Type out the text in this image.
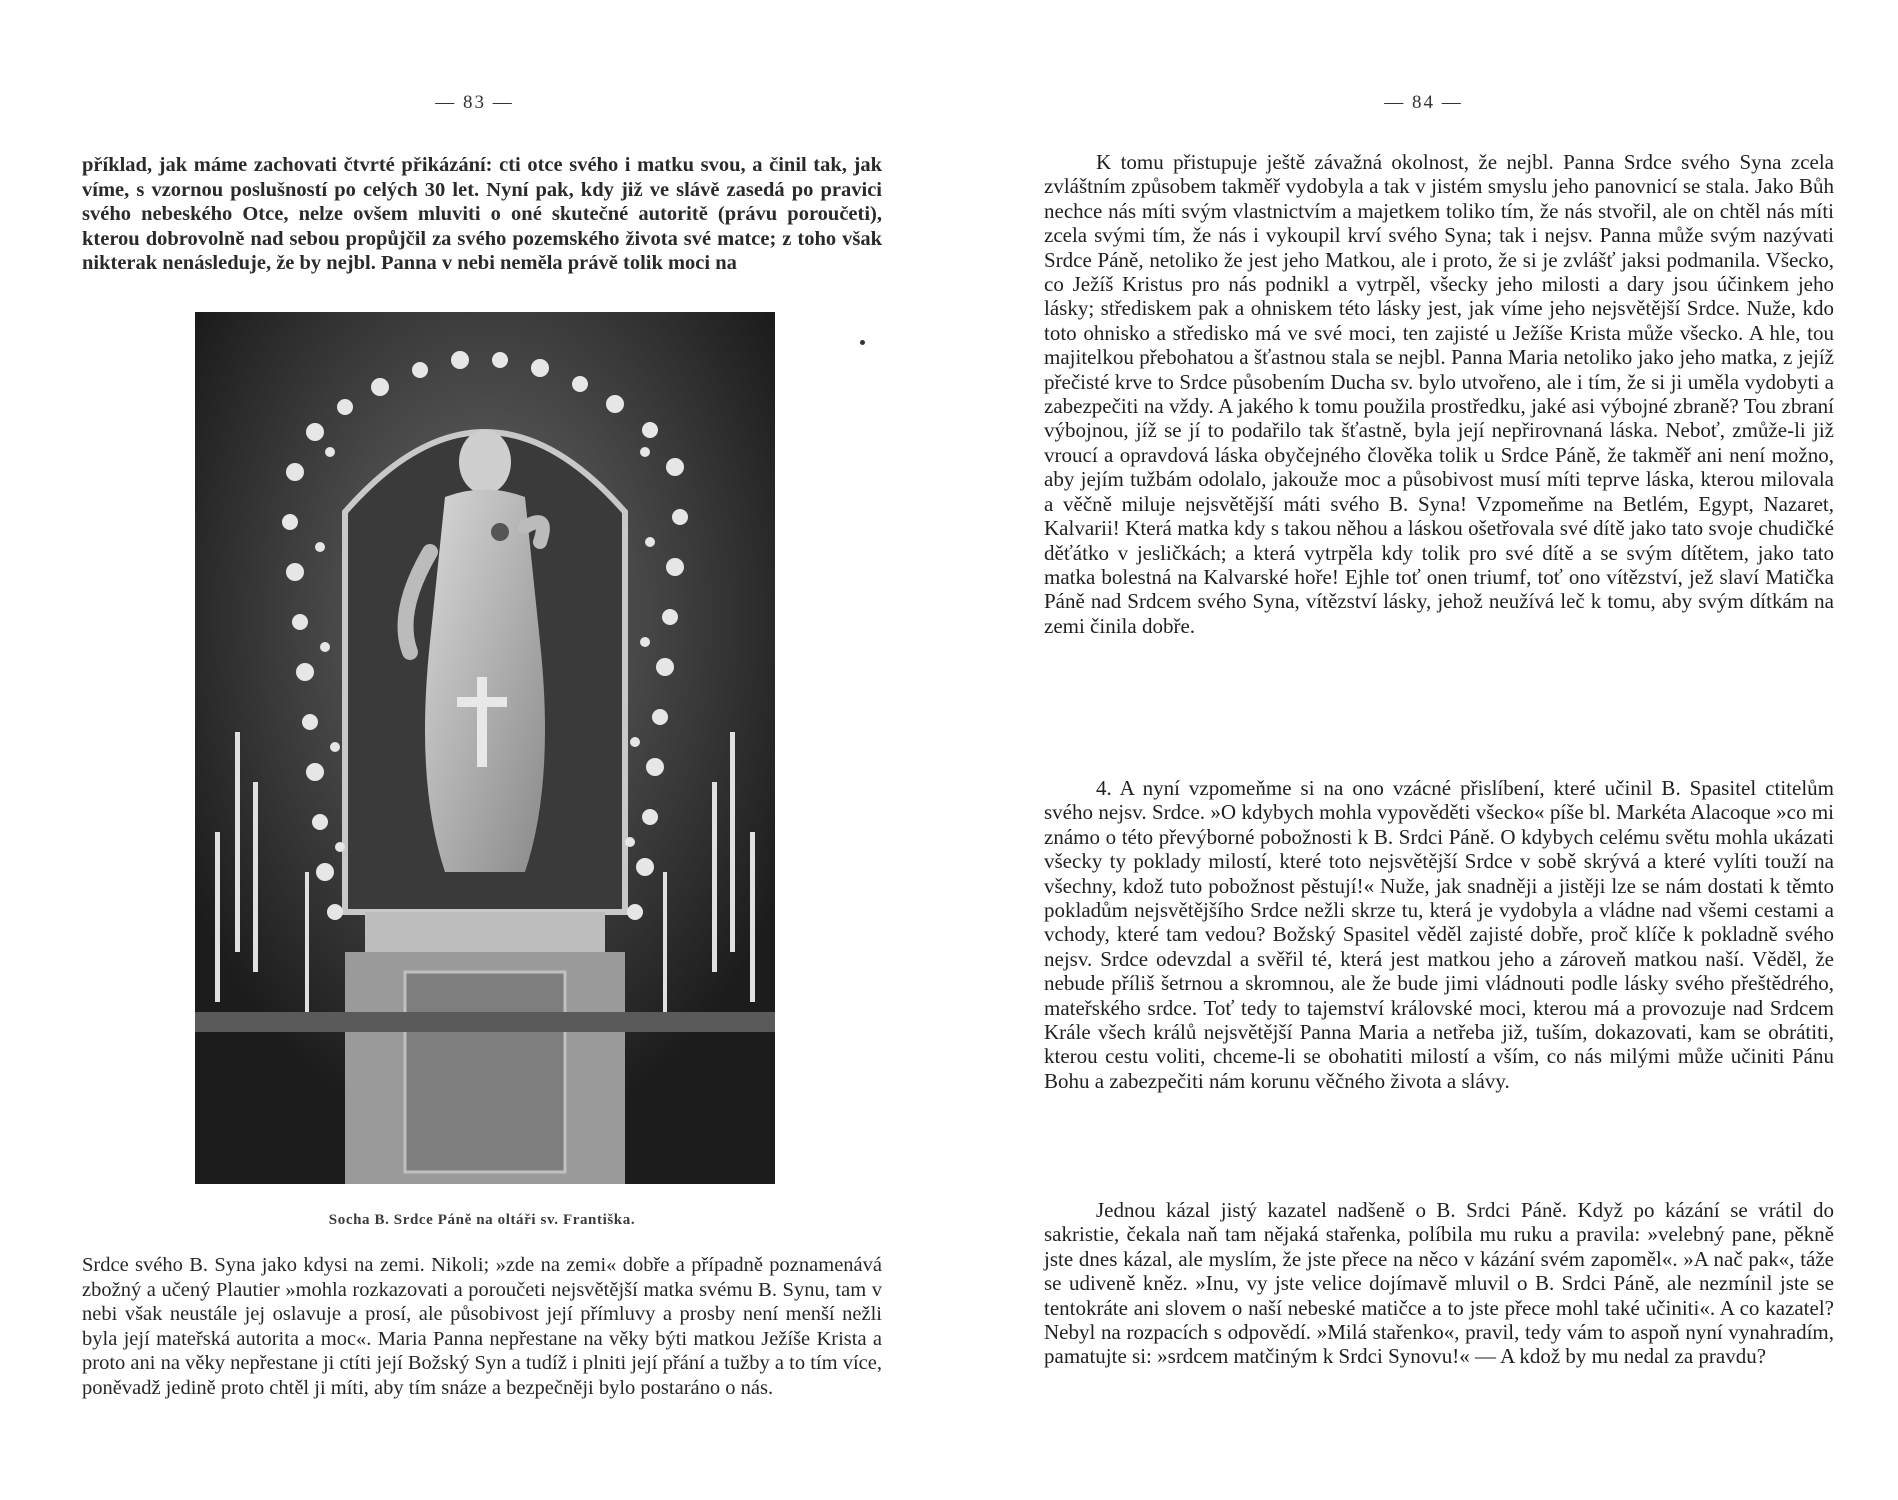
— 83 —
příklad, jak máme zachovati čtvrté přikázání: cti otce svého i matku svou, a činil tak, jak víme, s vzornou poslušností po celých 30 let. Nyní pak, kdy již ve slávě zasedá po pravici svého nebeského Otce, nelze ovšem mluviti o oné skutečné autoritě (právu poroučeti), kterou dobrovolně nad sebou propůjčil za svého pozemského života své matce; z toho však nikterak nenásleduje, že by nejbl. Panna v nebi neměla právě tolik moci na
Socha B. Srdce Páně na oltáři sv. Františka.
Srdce svého B. Syna jako kdysi na zemi. Nikoli; »zde na zemi« dobře a případně poznamenává zbožný a učený Plautier »mohla rozkazovati a poroučeti nejsvětější matka svému B. Synu, tam v nebi však neustále jej oslavuje a prosí, ale působivost její přímluvy a prosby není menší nežli byla její mateřská autorita a moc«. Maria Panna nepřestane na věky býti matkou Ježíše Krista a proto ani na věky nepřestane ji ctíti její Božský Syn a tudíž i plniti její přání a tužby a to tím více, poněvadž jedině proto chtěl ji míti, aby tím snáze a bezpečněji bylo postaráno o nás.
— 84 —

K tomu přistupuje ještě závažná okolnost, že nejbl. Panna Srdce svého Syna zcela zvláštním způsobem takměř vydobyla a tak v jistém smyslu jeho panovnicí se stala. Jako Bůh nechce nás míti svým vlastnictvím a majetkem toliko tím, že nás stvořil, ale on chtěl nás míti zcela svými tím, že nás i vykoupil krví svého Syna; tak i nejsv. Panna může svým nazývati Srdce Páně, netoliko že jest jeho Matkou, ale i proto, že si je zvlášť jaksi podmanila. Všecko, co Ježíš Kristus pro nás podnikl a vytrpěl, všecky jeho milosti a dary jsou účinkem jeho lásky; střediskem pak a ohniskem této lásky jest, jak víme jeho nejsvětější Srdce. Nuže, kdo toto ohnisko a středisko má ve své moci, ten zajisté u Ježíše Krista může všecko. A hle, tou majitelkou přebohatou a šťastnou stala se nejbl. Panna Maria netoliko jako jeho matka, z jejíž přečisté krve to Srdce působením Ducha sv. bylo utvořeno, ale i tím, že si ji uměla vydobyti a zabezpečiti na vždy. A jakého k tomu použila prostředku, jaké asi výbojné zbraně? Tou zbraní výbojnou, jíž se jí to podařilo tak šťastně, byla její nepřirovnaná láska. Neboť, zmůže-li již vroucí a opravdová láska obyčejného člověka tolik u Srdce Páně, že takměř ani není možno, aby jejím tužbám odolalo, jakouže moc a působivost musí míti teprve láska, kterou milovala a věčně miluje nejsvětější máti svého B. Syna! Vzpomeňme na Betlém, Egypt, Nazaret, Kalvarii! Která matka kdy s takou něhou a láskou ošetřovala své dítě jako tato svoje chudičké děťátko v jesličkách; a která vytrpěla kdy tolik pro své dítě a se svým dítětem, jako tato matka bolestná na Kalvarské hoře! Ejhle toť onen triumf, toť ono vítězství, jež slaví Matička Páně nad Srdcem svého Syna, vítězství lásky, jehož neužívá leč k tomu, aby svým dítkám na zemi činila dobře.

4. A nyní vzpomeňme si na ono vzácné přislíbení, které učinil B. Spasitel ctitelům svého nejsv. Srdce. »O kdybych mohla vypověděti všecko« píše bl. Markéta Alacoque »co mi známo o této převýborné pobožnosti k B. Srdci Páně. O kdybych celému světu mohla ukázati všecky ty poklady milostí, které toto nejsvětější Srdce v sobě skrývá a které vylíti touží na všechny, kdož tuto pobožnost pěstují!« Nuže, jak snadněji a jistěji lze se nám dostati k těmto pokladům nejsvětějšího Srdce nežli skrze tu, která je vydobyla a vládne nad všemi cestami a vchody, které tam vedou? Božský Spasitel věděl zajisté dobře, proč klíče k pokladně svého nejsv. Srdce odevzdal a svěřil té, která jest matkou jeho a zároveň matkou naší. Věděl, že nebude příliš šetrnou a skromnou, ale že bude jimi vládnouti podle lásky svého přeštědrého, mateřského srdce. Toť tedy to tajemství královské moci, kterou má a provozuje nad Srdcem Krále všech králů nejsvětější Panna Maria a netřeba již, tuším, dokazovati, kam se obrátiti, kterou cestu voliti, chceme-li se obohatiti milostí a vším, co nás milými může učiniti Pánu Bohu a zabezpečiti nám korunu věčného života a slávy.

Jednou kázal jistý kazatel nadšeně o B. Srdci Páně. Když po kázání se vrátil do sakristie, čekala naň tam nějaká stařenka, políbila mu ruku a pravila: »velebný pane, pěkně jste dnes kázal, ale myslím, že jste přece na něco v kázání svém zapoměl«. »A nač pak«, táže se udiveně kněz. »Inu, vy jste velice dojímavě mluvil o B. Srdci Páně, ale nezmínil jste se tentokráte ani slovem o naší nebeské matičce a to jste přece mohl také učiniti«. A co kazatel? Nebyl na rozpacích s odpovědí. »Milá stařenko«, pravil, tedy vám to aspoň nyní vynahradím, pamatujte si: »srdcem matčiným k Srdci Synovu!« — A kdož by mu nedal za pravdu?
